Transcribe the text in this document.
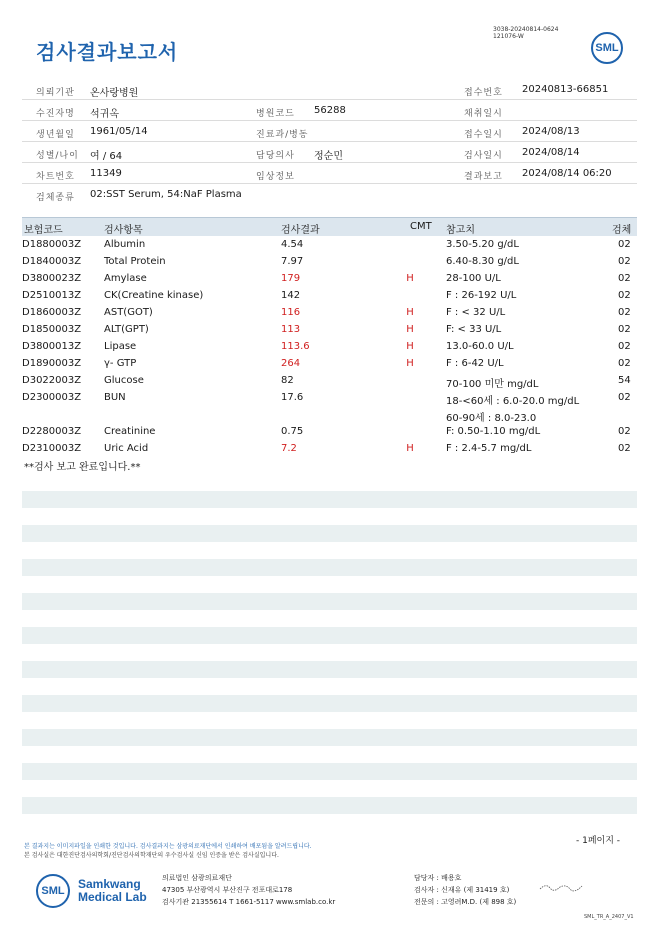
검사결과보고서
3038-20240814-0624
121076-W
SML
의뢰기관 온사랑병원	접수번호 20240813-66851
수진자명 석귀옥	병원코드 56288	채취일시
생년월일 1961/05/14	진료과/병동	접수일시 2024/08/13
성별/나이 여 / 64	담당의사 정순민	검사일시 2024/08/14
차트번호 11349	임상정보	결과보고 2024/08/14 06:20
검체종류 02:SST Serum, 54:NaF Plasma
보험코드	검사항목	검사결과	CMT 참고치	검체
D1880003Z Albumin	4.54	3.50-5.20 g/dL	02
D1840003Z Total Protein	7.97	6.40-8.30 g/dL	02
D3800023Z Amylase	179	H	28-100 U/L	02
D2510013Z CK(Creatine kinase)	142	F : 26-192 U/L	02
D1860003Z AST(GOT)	116	H	F : < 32 U/L	02
D1850003Z ALT(GPT)	113	H	F: < 33 U/L	02
D3800013Z Lipase	113.6	H	13.0-60.0 U/L	02
D1890003Z γ- GTP	264	H	F : 6-42 U/L	02
D3022003Z Glucose	82	70-100 미만 mg/dL	54
D2300003Z BUN	17.6	18-<60세 : 6.0-20.0 mg/dL	02
60-90세 : 8.0-23.0
D2280003Z Creatinine	0.75	F: 0.50-1.10 mg/dL	02
D2310003Z Uric Acid	7.2	H	F : 2.4-5.7 mg/dL	02
**검사 보고 완료입니다.**
본 결과지는 이미지파일을 인쇄한 것입니다. 검사결과지는 삼광의료재단에서 인쇄하여 배포됨을 알려드립니다.
본 검사실은 대한진단검사의학회/진단검사의학재단의 우수검사실 신임 인증을 받은 검사실입니다.
- 1페이지 -
SML	Samkwang
Medical Lab
의료법인 삼광의료재단
47305 부산광역시 부산진구 전포대로178
검사기관 21355614 T 1661-5117 www.smlab.co.kr
담당자 : 배용호
검사자 : 신재유 (제 31419 호)
전문의 : 고영려M.D. (제 898 호)
SML_TR_A_2407_V1
